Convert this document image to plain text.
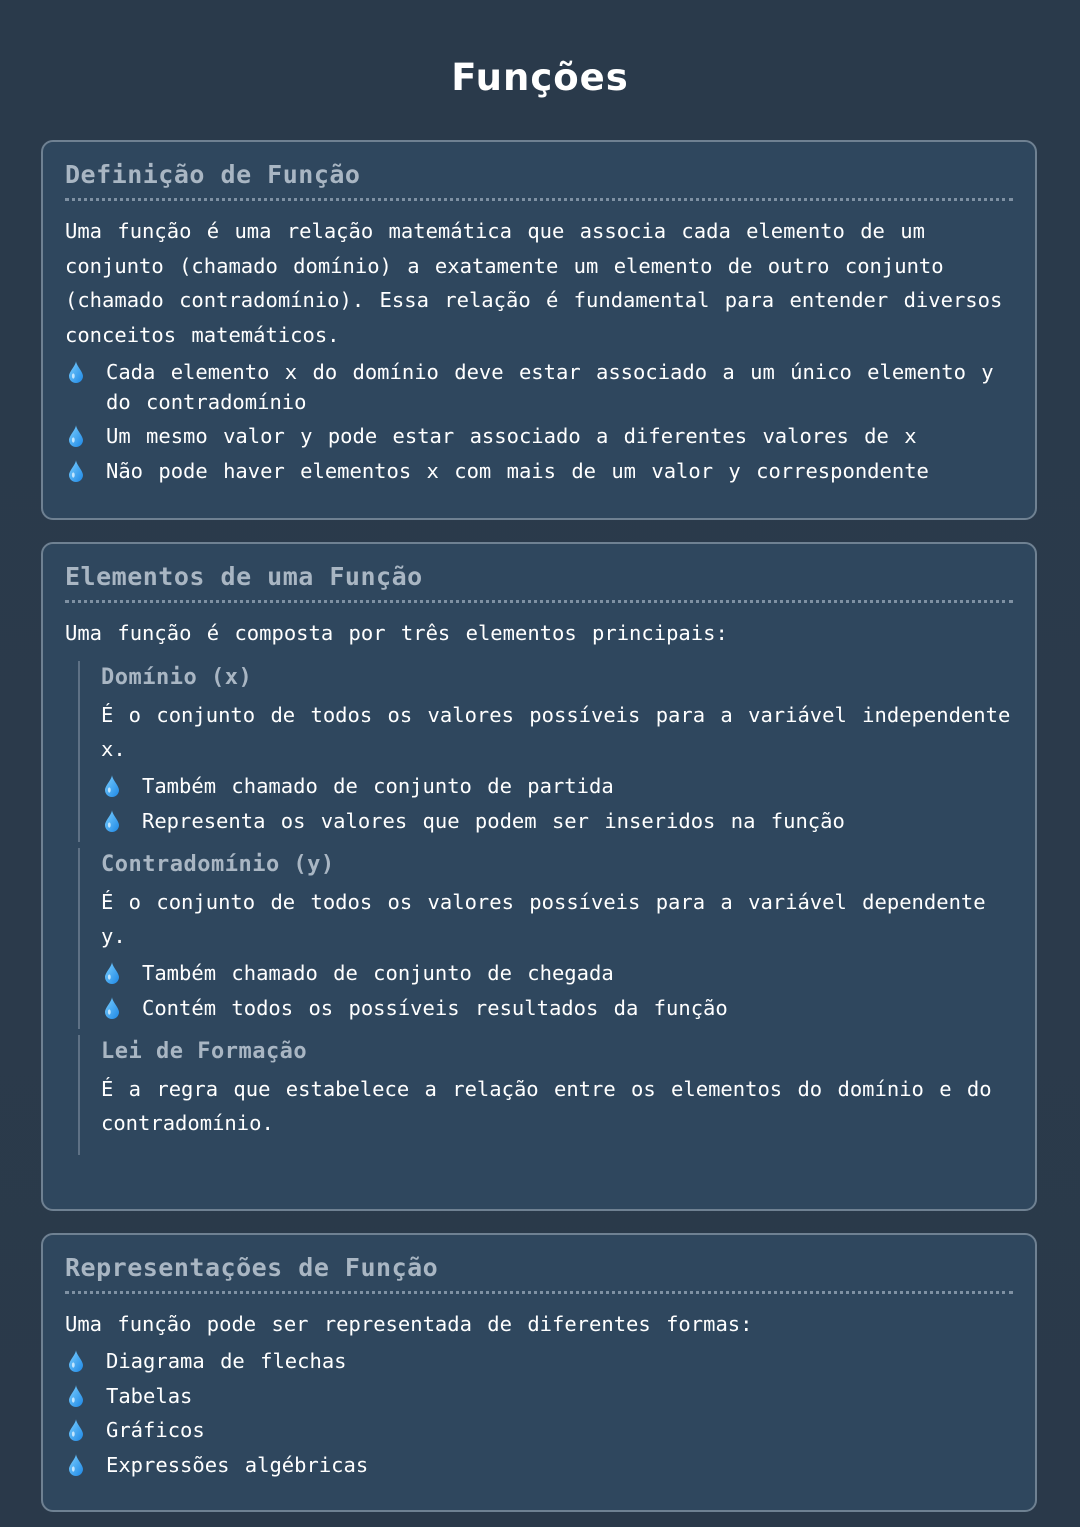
Funções
Definição de Função

Uma função é uma relação matemática que associa cada elemento de um conjunto (chamado domínio) a exatamente um elemento de outro conjunto (chamado contradomínio). Essa relação é fundamental para entender diversos conceitos matemáticos.

Cada elemento x do domínio deve estar associado a um único elemento y do contradomínio
Um mesmo valor y pode estar associado a diferentes valores de x
Não pode haver elementos x com mais de um valor y correspondente
Elementos de uma Função

Uma função é composta por três elementos principais:

Domínio (x)

É o conjunto de todos os valores possíveis para a variável independente x.

Também chamado de conjunto de partida
Representa os valores que podem ser inseridos na função
Contradomínio (y)

É o conjunto de todos os valores possíveis para a variável dependente y.

Também chamado de conjunto de chegada
Contém todos os possíveis resultados da função
Lei de Formação

É a regra que estabelece a relação entre os elementos do domínio e do contradomínio.

Representações de Função

Uma função pode ser representada de diferentes formas:

Diagrama de flechas
Tabelas
Gráficos
Expressões algébricas
